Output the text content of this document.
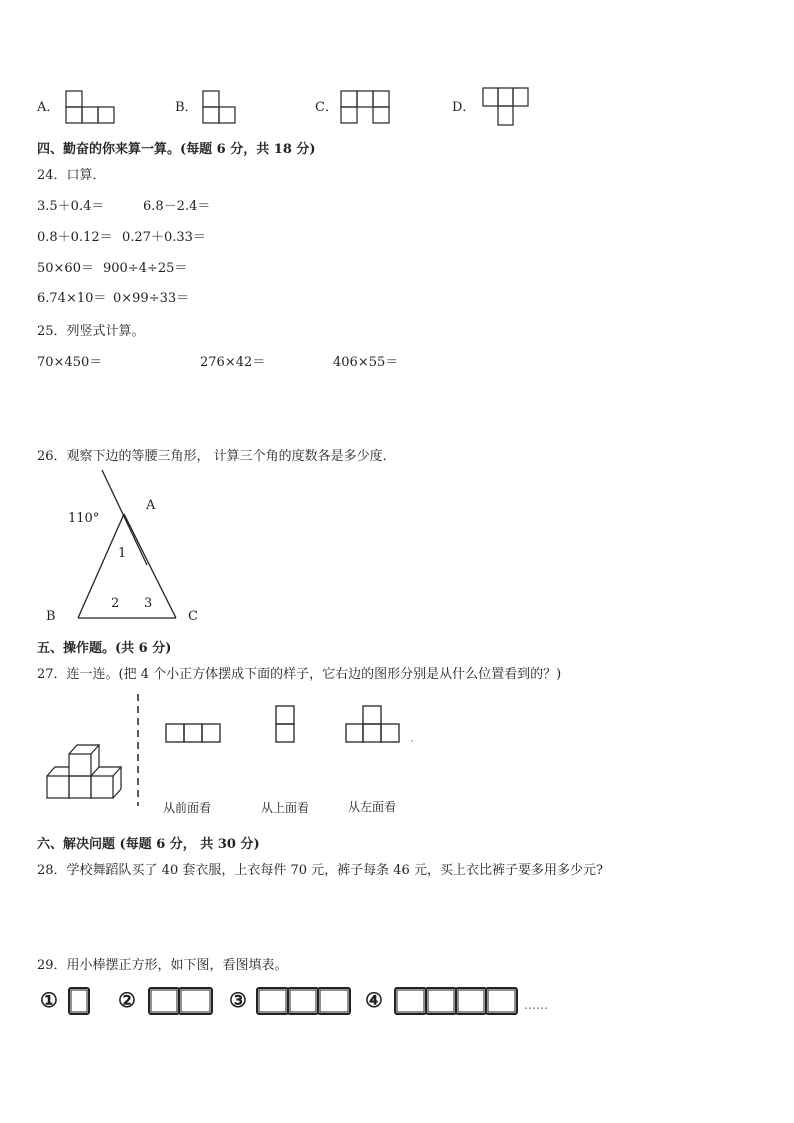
A．	B．	C．	D．
四、勤奋的你来算一算。(每题 6 分，共 18 分)
24．口算．
3.5＋0.4＝	6.8－2.4＝
0.8＋0.12＝ 0.27＋0.33＝
50×60＝ 900÷4÷25＝
6.74×10＝ 0×99÷33＝
25．列竖式计算。
70×450＝	276×42＝	406×55＝
26．观察下边的等腰三角形， 计算三个角的度数各是多少度．
110°
A
B	C
1
2 3
五、操作题。(共 6 分)
27．连一连。(把 4 个小正方体摆成下面的样子，它右边的图形分别是从什么位置看到的？)
从前面看	从上面看	从左面看
六、解决问题 (每题 6 分， 共 30 分)
28．学校舞蹈队买了 40 套衣服，上衣每件 70 元，裤子每条 46 元，买上衣比裤子要多用多少元?
29．用小棒摆正方形，如下图，看图填表。
①	②	③	④	……
